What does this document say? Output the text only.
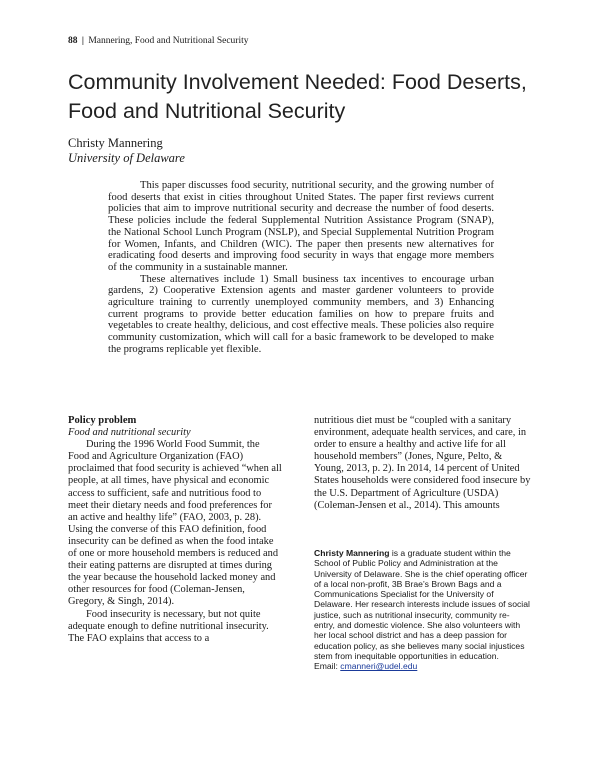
88 | Mannering, Food and Nutritional Security
Community Involvement Needed: Food Deserts, Food and Nutritional Security
Christy Mannering
University of Delaware

This paper discusses food security, nutritional security, and the growing number of food deserts that exist in cities throughout United States. The paper first reviews current policies that aim to improve nutritional security and decrease the number of food deserts. These policies include the federal Supplemental Nutrition Assistance Program (SNAP), the National School Lunch Program (NSLP), and Special Supplemental Nutrition Program for Women, Infants, and Children (WIC). The paper then presents new alternatives for eradicating food deserts and improving food security in ways that engage more members of the community in a sustainable manner.

These alternatives include 1) Small business tax incentives to encourage urban gardens, 2) Cooperative Extension agents and master gardener volunteers to provide agriculture training to currently unemployed community members, and 3) Enhancing current programs to provide better education families on how to prepare fruits and vegetables to create healthy, delicious, and cost effective meals. These policies also require community customization, which will call for a basic framework to be developed to make the programs replicable yet flexible.

Policy problem
Food and nutritional security

During the 1996 World Food Summit, the Food and Agriculture Organization (FAO) proclaimed that food security is achieved “when all people, at all times, have physical and economic access to sufficient, safe and nutritious food to meet their dietary needs and food preferences for an active and healthy life” (FAO, 2003, p. 28). Using the converse of this FAO definition, food insecurity can be defined as when the food intake of one or more household members is reduced and their eating patterns are disrupted at times during the year because the household lacked money and other resources for food (Coleman-Jensen, Gregory, & Singh, 2014).

Food insecurity is necessary, but not quite adequate enough to define nutritional insecurity. The FAO explains that access to a

nutritious diet must be “coupled with a sanitary environment, adequate health services, and care, in order to ensure a healthy and active life for all household members” (Jones, Ngure, Pelto, & Young, 2013, p. 2). In 2014, 14 percent of United States households were considered food insecure by the U.S. Department of Agriculture (USDA) (Coleman-Jensen et al., 2014). This amounts

Christy Mannering is a graduate student within the School of Public Policy and Administration at the University of Delaware. She is the chief operating officer of a local non-profit, 3B Brae’s Brown Bags and a Communications Specialist for the University of Delaware. Her research interests include issues of social justice, such as nutritional insecurity, community re-entry, and domestic violence. She also volunteers with her local school district and has a deep passion for education policy, as she believes many social injustices stem from inequitable opportunities in education.
Email: cmanneri@udel.edu
